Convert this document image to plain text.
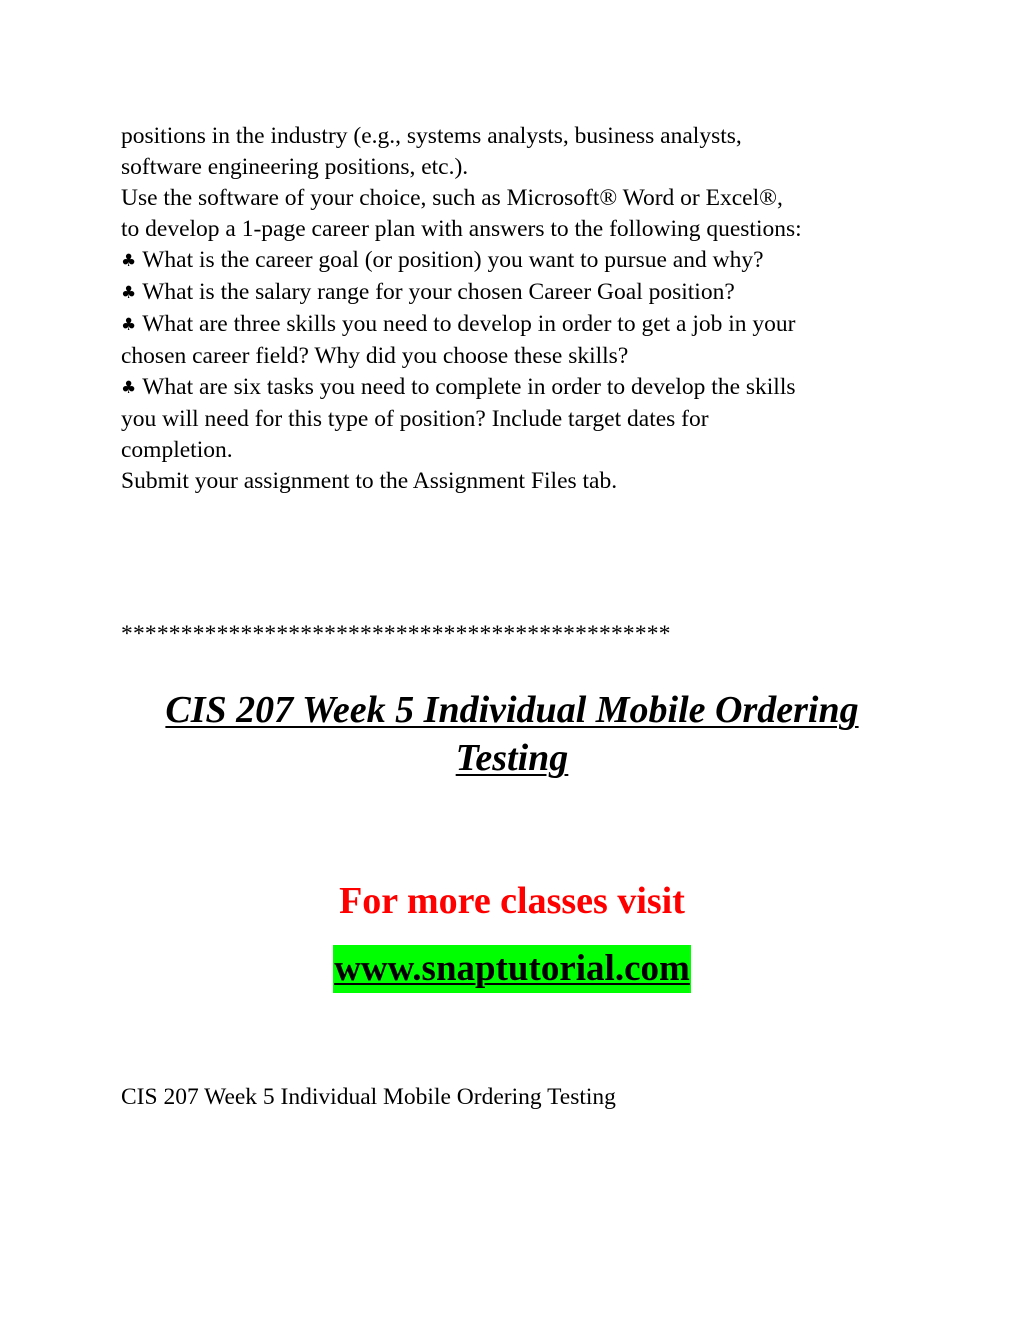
positions in the industry (e.g., systems analysts, business analysts,
software engineering positions, etc.).
Use the software of your choice, such as Microsoft® Word or Excel®,
to develop a 1-page career plan with answers to the following questions:
♣ What is the career goal (or position) you want to pursue and why?
♣ What is the salary range for your chosen Career Goal position?
♣ What are three skills you need to develop in order to get a job in your
chosen career field? Why did you choose these skills?
♣ What are six tasks you need to complete in order to develop the skills
you will need for this type of position? Include target dates for
completion.
Submit your assignment to the Assignment Files tab.
**********************************************
CIS 207 Week 5 Individual Mobile Ordering
Testing
For more classes visit
www.snaptutorial.com
CIS 207 Week 5 Individual Mobile Ordering Testing
